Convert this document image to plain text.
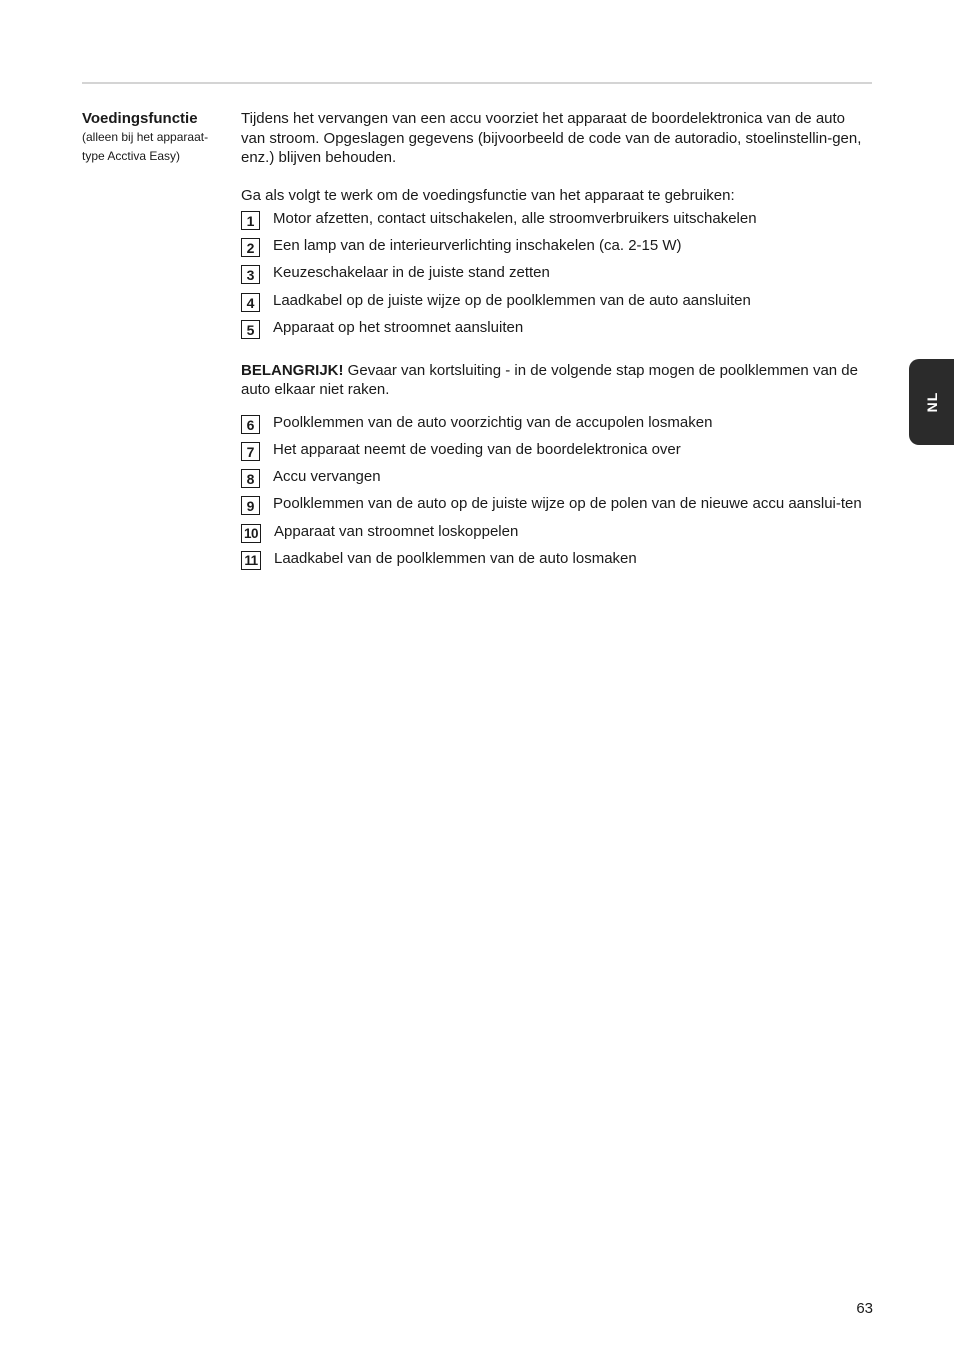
Voedingsfunctie
(alleen bij het apparaat-type Acctiva Easy)

Tijdens het vervangen van een accu voorziet het apparaat de boordelektronica van de auto van stroom. Opgeslagen gegevens (bijvoorbeeld de code van de autoradio, stoelinstellin-gen, enz.) blijven behouden.

Ga als volgt te werk om de voedingsfunctie van het apparaat te gebruiken:

1	Motor afzetten, contact uitschakelen, alle stroomverbruikers uitschakelen
2	Een lamp van de interieurverlichting inschakelen (ca. 2-15 W)
3	Keuzeschakelaar in de juiste stand zetten
4	Laadkabel op de juiste wijze op de poolklemmen van de auto aansluiten
5	Apparaat op het stroomnet aansluiten

BELANGRIJK! Gevaar van kortsluiting - in de volgende stap mogen de poolklemmen van de auto elkaar niet raken.

6	Poolklemmen van de auto voorzichtig van de accupolen losmaken
7	Het apparaat neemt de voeding van de boordelektronica over
8	Accu vervangen
9	Poolklemmen van de auto op de juiste wijze op de polen van de nieuwe accu aanslui-ten
10 Apparaat van stroomnet loskoppelen
11 Laadkabel van de poolklemmen van de auto losmaken
NL
63
